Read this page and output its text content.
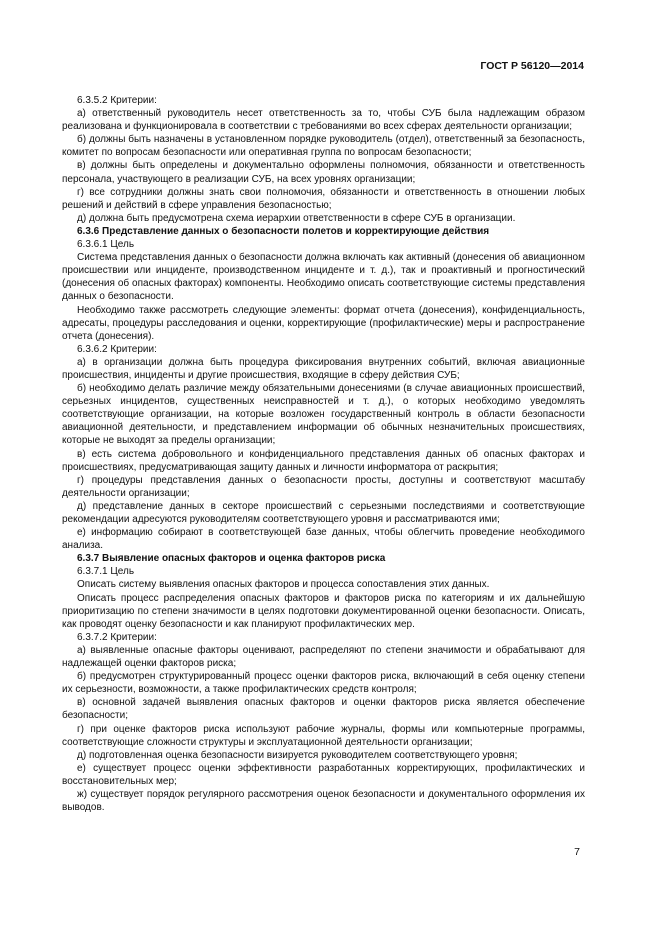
ГОСТ Р 56120—2014

6.3.5.2 Критерии:

а) ответственный руководитель несет ответственность за то, чтобы СУБ была надлежащим образом реализована и функционировала в соответствии с требованиями во всех сферах деятельности организации;

б) должны быть назначены в установленном порядке руководитель (отдел), ответственный за безопасность, комитет по вопросам безопасности или оперативная группа по вопросам безопасности;

в) должны быть определены и документально оформлены полномочия, обязанности и ответственность персонала, участвующего в реализации СУБ, на всех уровнях организации;

г) все сотрудники должны знать свои полномочия, обязанности и ответственность в отношении любых решений и действий в сфере управления безопасностью;

д) должна быть предусмотрена схема иерархии ответственности в сфере СУБ в организации.

6.3.6 Представление данных о безопасности полетов и корректирующие действия

6.3.6.1 Цель

Система представления данных о безопасности должна включать как активный (донесения об авиационном происшествии или инциденте, производственном инциденте и т. д.), так и проактивный и прогностический (донесения об опасных факторах) компоненты. Необходимо описать соответствующие системы представления данных о безопасности.

Необходимо также рассмотреть следующие элементы: формат отчета (донесения), конфиденциальность, адресаты, процедуры расследования и оценки, корректирующие (профилактические) меры и распространение отчета (донесения).

6.3.6.2 Критерии:

а) в организации должна быть процедура фиксирования внутренних событий, включая авиационные происшествия, инциденты и другие происшествия, входящие в сферу действия СУБ;

б) необходимо делать различие между обязательными донесениями (в случае авиационных происшествий, серьезных инцидентов, существенных неисправностей и т. д.), о которых необходимо уведомлять соответствующие организации, на которые возложен государственный контроль в области безопасности авиационной деятельности, и представлением информации об обычных незначительных происшествиях, которые не выходят за пределы организации;

в) есть система добровольного и конфиденциального представления данных об опасных факторах и происшествиях, предусматривающая защиту данных и личности информатора от раскрытия;

г) процедуры представления данных о безопасности просты, доступны и соответствуют масштабу деятельности организации;

д) представление данных в секторе происшествий с серьезными последствиями и соответствующие рекомендации адресуются руководителям соответствующего уровня и рассматриваются ими;

е) информацию собирают в соответствующей базе данных, чтобы облегчить проведение необходимого анализа.

6.3.7 Выявление опасных факторов и оценка факторов риска

6.3.7.1 Цель

Описать систему выявления опасных факторов и процесса сопоставления этих данных.

Описать процесс распределения опасных факторов и факторов риска по категориям и их дальнейшую приоритизацию по степени значимости в целях подготовки документированной оценки безопасности. Описать, как проводят оценку безопасности и как планируют профилактических мер.

6.3.7.2 Критерии:

а) выявленные опасные факторы оценивают, распределяют по степени значимости и обрабатывают для надлежащей оценки факторов риска;

б) предусмотрен структурированный процесс оценки факторов риска, включающий в себя оценку степени их серьезности, возможности, а также профилактических средств контроля;

в) основной задачей выявления опасных факторов и оценки факторов риска является обеспечение безопасности;

г) при оценке факторов риска используют рабочие журналы, формы или компьютерные программы, соответствующие сложности структуры и эксплуатационной деятельности организации;

д) подготовленная оценка безопасности визируется руководителем соответствующего уровня;

е) существует процесс оценки эффективности разработанных корректирующих, профилактических и восстановительных мер;

ж) существует порядок регулярного рассмотрения оценок безопасности и документального оформления их выводов.

7
